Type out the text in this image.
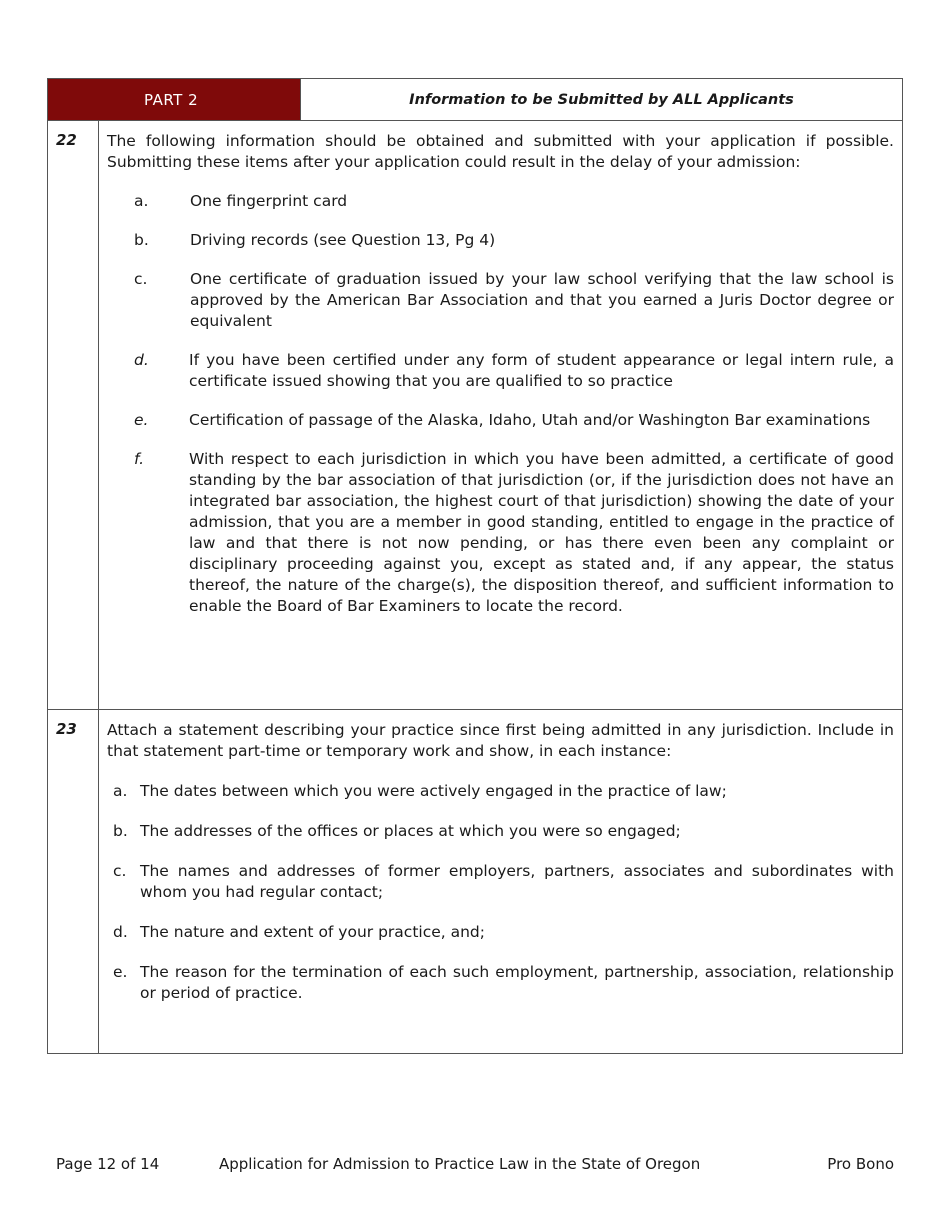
PART 2	Information to be Submitted by ALL Applicants
22	The following information should be obtained and submitted with your application if possible. Submitting these items after your application could result in the delay of your admission:
a.	One fingerprint card
b.	Driving records (see Question 13, Pg 4)
c.	One certificate of graduation issued by your law school verifying that the law school is approved by the American Bar Association and that you earned a Juris Doctor degree or equivalent
d.	If you have been certified under any form of student appearance or legal intern rule, a certificate issued showing that you are qualified to so practice
e.	Certification of passage of the Alaska, Idaho, Utah and/or Washington Bar examinations
f.	With respect to each jurisdiction in which you have been admitted, a certificate of good standing by the bar association of that jurisdiction (or, if the jurisdiction does not have an integrated bar association, the highest court of that jurisdiction) showing the date of your admission, that you are a member in good standing, entitled to engage in the practice of law and that there is not now pending, or has there even been any complaint or disciplinary proceeding against you, except as stated and, if any appear, the status thereof, the nature of the charge(s), the disposition thereof, and sufficient information to enable the Board of Bar Examiners to locate the record.
23	Attach a statement describing your practice since first being admitted in any jurisdiction. Include in that statement part-time or temporary work and show, in each instance:
a. The dates between which you were actively engaged in the practice of law;
b. The addresses of the offices or places at which you were so engaged;
c. The names and addresses of former employers, partners, associates and subordinates with whom you had regular contact;
d. The nature and extent of your practice, and;
e. The reason for the termination of each such employment, partnership, association, relationship or period of practice.
Page 12 of 14	Application for Admission to Practice Law in the State of Oregon	Pro Bono
